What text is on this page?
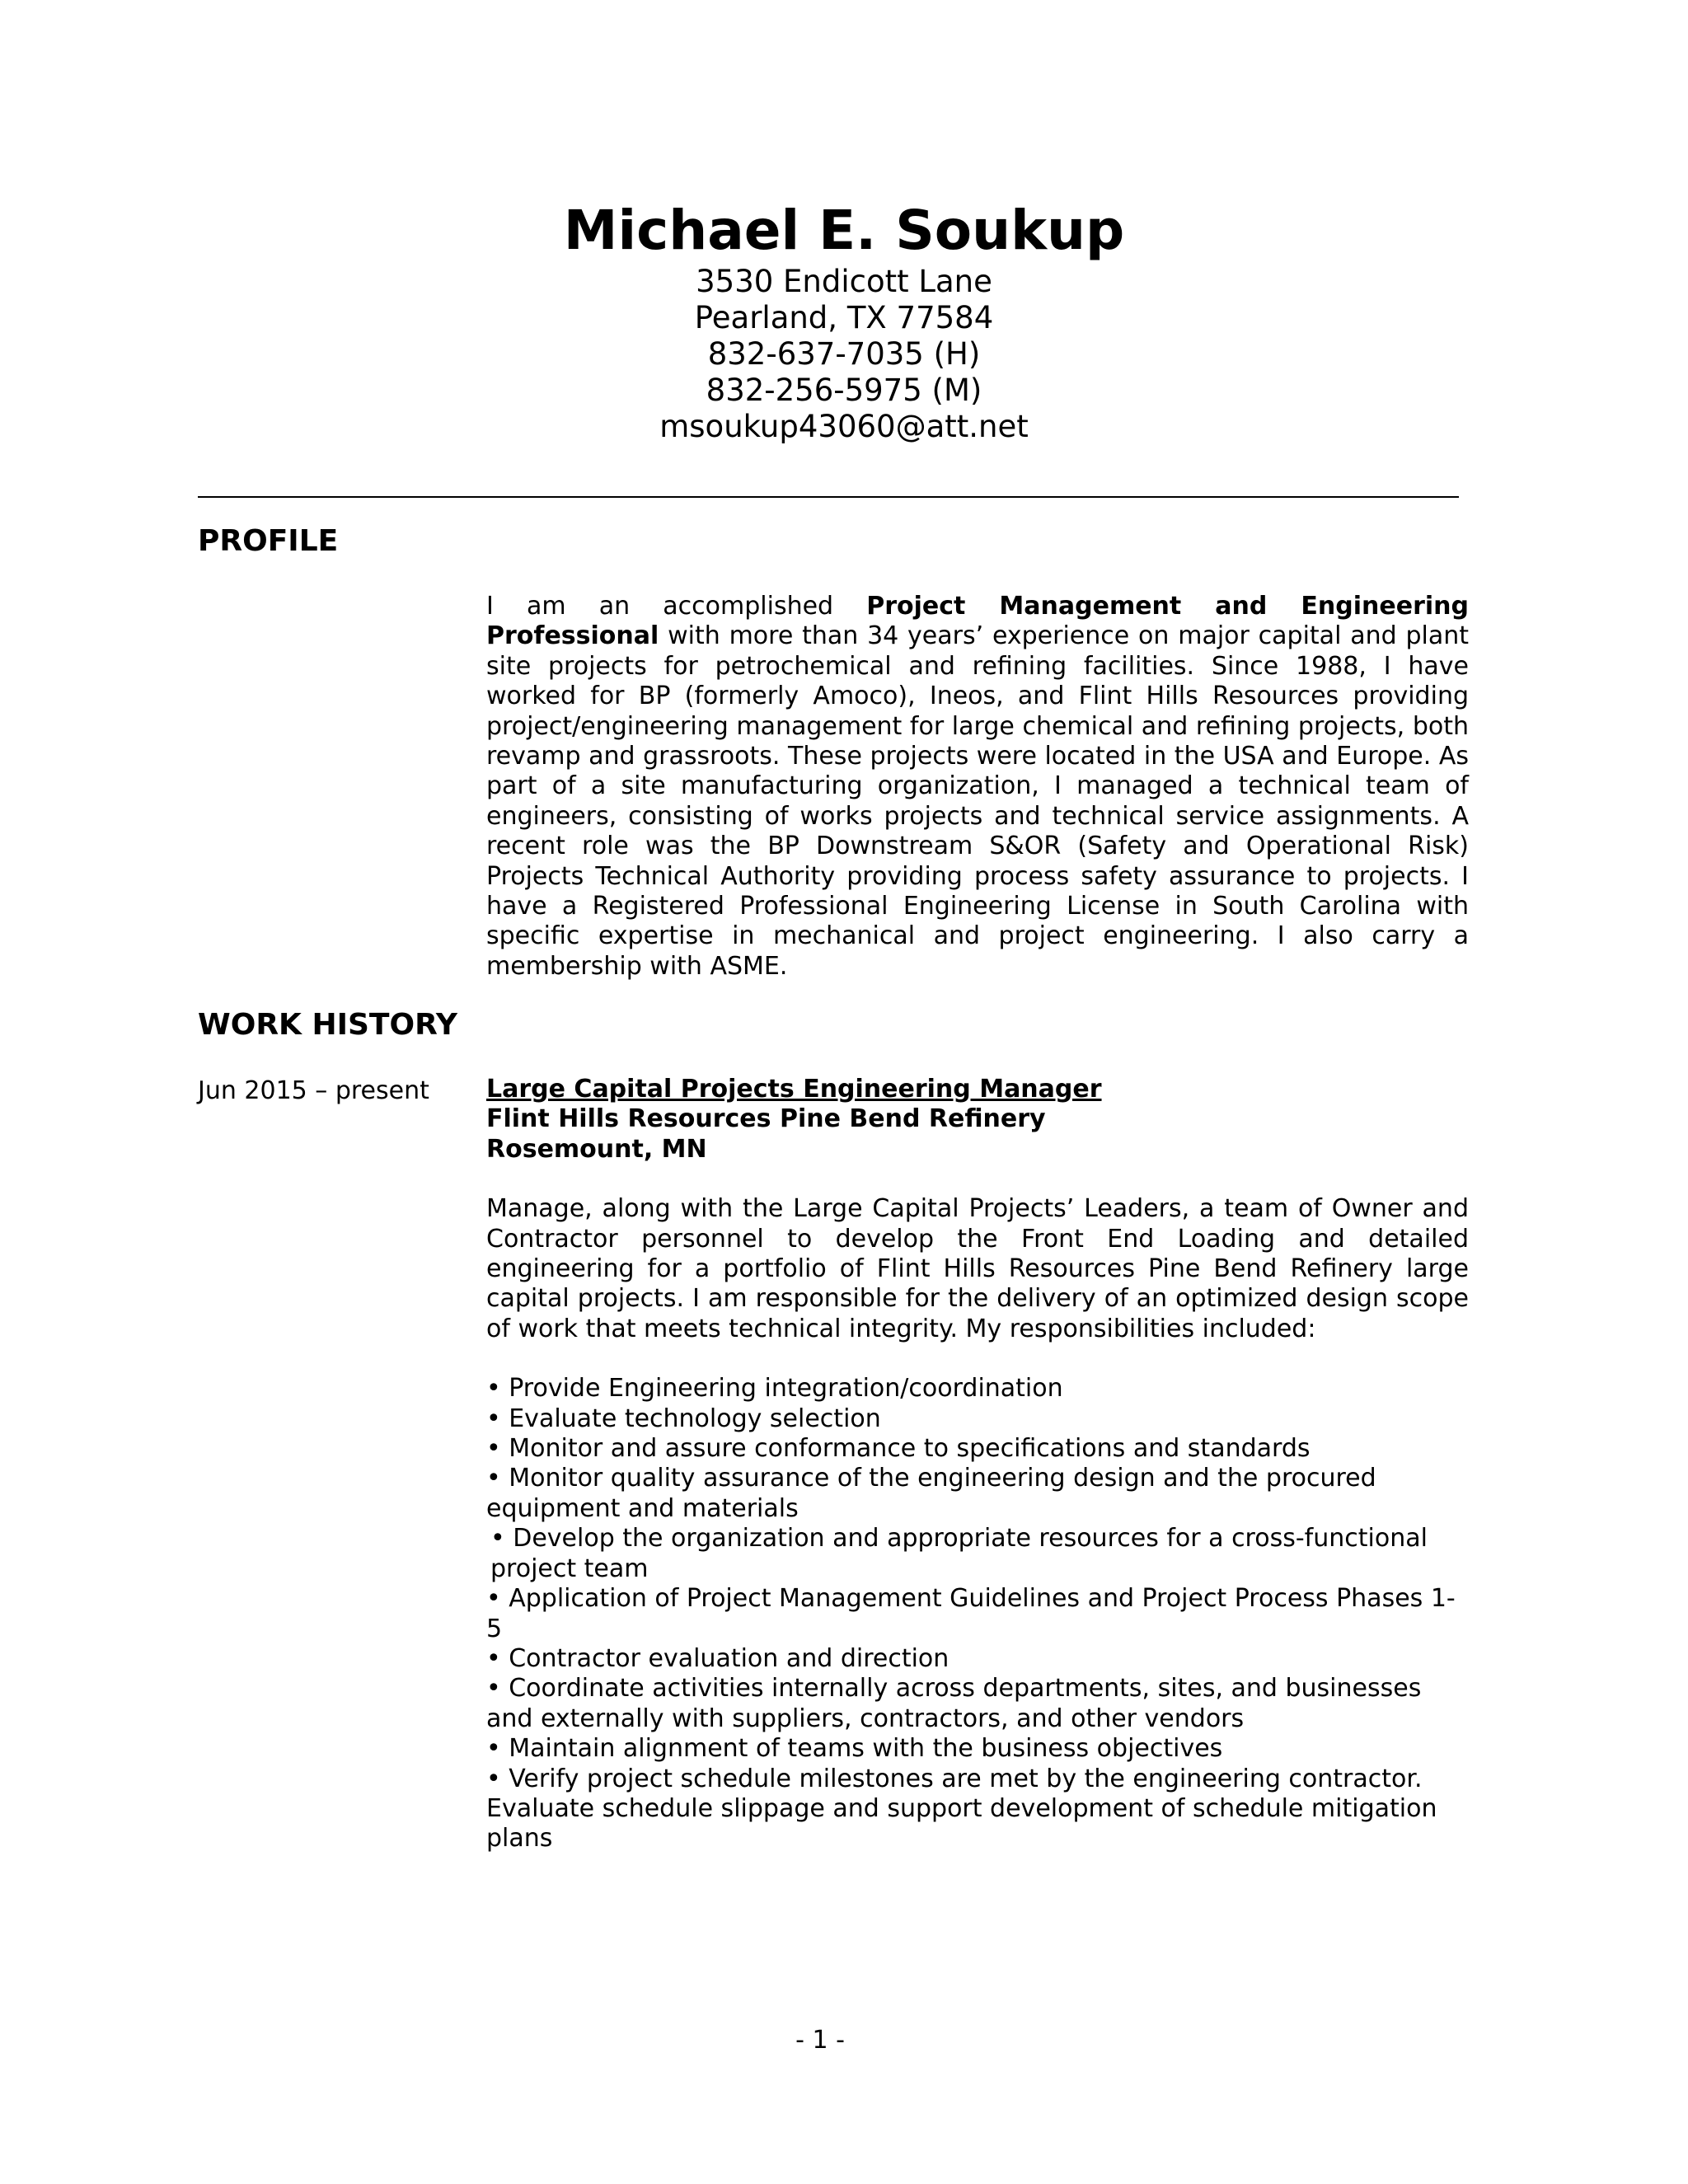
Michael E. Soukup
3530 Endicott Lane
Pearland, TX 77584
832-637-7035 (H)
832-256-5975 (M)
msoukup43060@att.net
PROFILE
I am an accomplished Project Management and Engineering Professional with more than 34 years’ experience on major capital and plant site projects for petrochemical and refining facilities. Since 1988, I have worked for BP (formerly Amoco), Ineos, and Flint Hills Resources providing project/engineering management for large chemical and refining projects, both revamp and grassroots. These projects were located in the USA and Europe. As part of a site manufacturing organization, I managed a technical team of engineers, consisting of works projects and technical service assignments. A recent role was the BP Downstream S&OR (Safety and Operational Risk) Projects Technical Authority providing process safety assurance to projects. I have a Registered Professional Engineering License in South Carolina with specific expertise in mechanical and project engineering. I also carry a membership with ASME.
WORK HISTORY
Jun 2015 – present Large Capital Projects Engineering Manager
Flint Hills Resources Pine Bend Refinery
Rosemount, MN
Manage, along with the Large Capital Projects’ Leaders, a team of Owner and Contractor personnel to develop the Front End Loading and detailed engineering for a portfolio of Flint Hills Resources Pine Bend Refinery large capital projects. I am responsible for the delivery of an optimized design scope of work that meets technical integrity. My responsibilities included:
• Provide Engineering integration/coordination
• Evaluate technology selection
• Monitor and assure conformance to specifications and standards
• Monitor quality assurance of the engineering design and the procured equipment and materials
• Develop the organization and appropriate resources for a cross-functional project team
• Application of Project Management Guidelines and Project Process Phases 1-5
• Contractor evaluation and direction
• Coordinate activities internally across departments, sites, and businesses and externally with suppliers, contractors, and other vendors
• Maintain alignment of teams with the business objectives
• Verify project schedule milestones are met by the engineering contractor. Evaluate schedule slippage and support development of schedule mitigation plans
- 1 -
